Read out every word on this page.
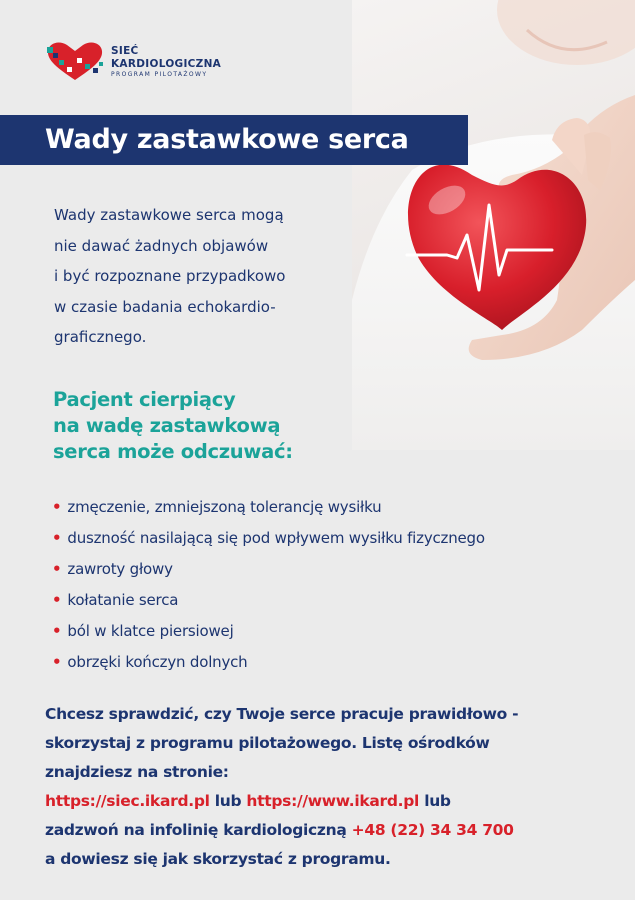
SIEĆ
KARDIOLOGICZNA
PROGRAM PILOTAŻOWY
Wady zastawkowe serca
Wady zastawkowe serca mogą
nie dawać żadnych objawów
i być rozpoznane przypadkowo
w czasie badania echokardio-
graficznego.
Pacjent cierpiący
na wadę zastawkową
serca może odczuwać:
• zmęczenie, zmniejszoną tolerancję wysiłku
• duszność nasilającą się pod wpływem wysiłku fizycznego
• zawroty głowy
• kołatanie serca
• ból w klatce piersiowej
• obrzęki kończyn dolnych
Chcesz sprawdzić, czy Twoje serce pracuje prawidłowo -
skorzystaj z programu pilotażowego. Listę ośrodków
znajdziesz na stronie:
https://siec.ikard.pl lub https://www.ikard.pl lub
zadzwoń na infolinię kardiologiczną +48 (22) 34 34 700
a dowiesz się jak skorzystać z programu.
